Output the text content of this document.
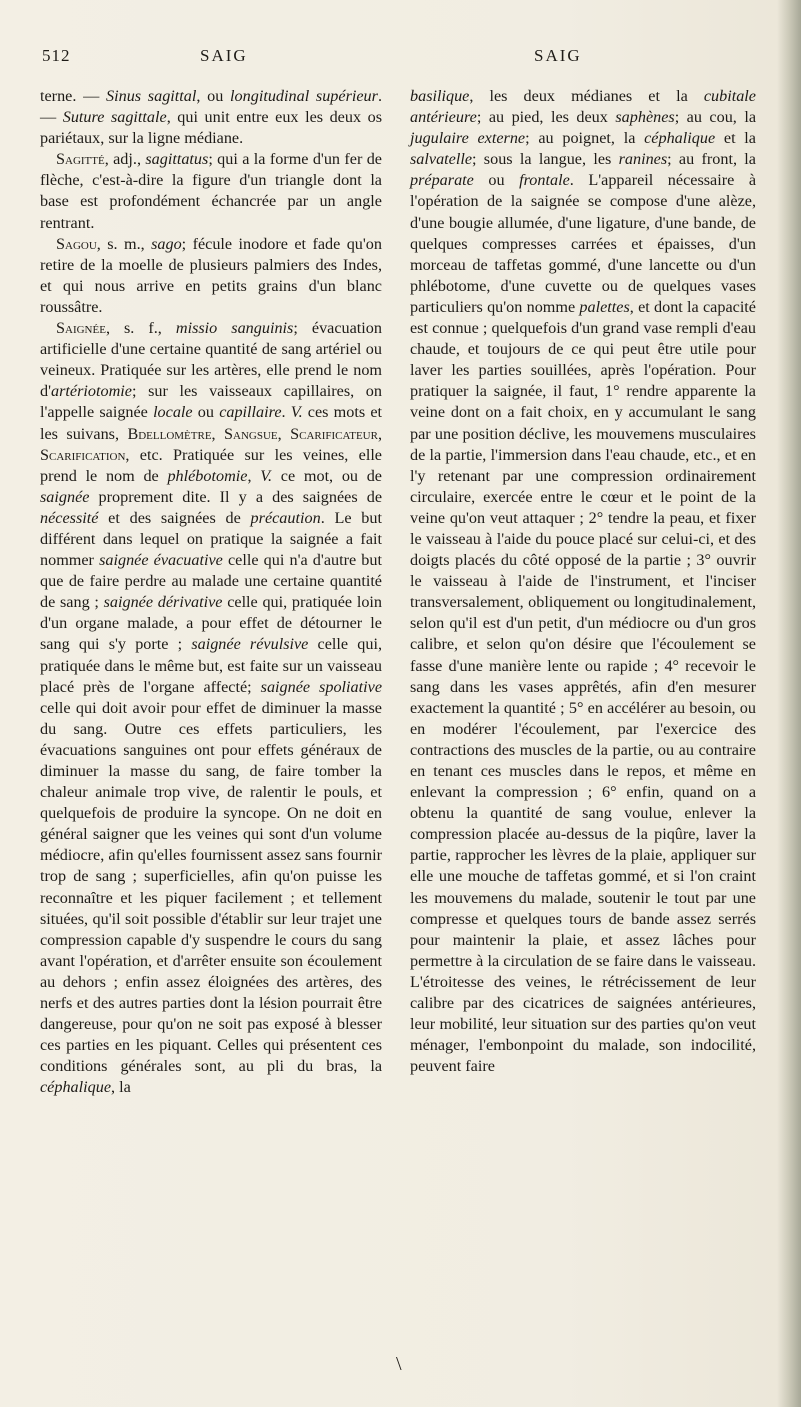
512	SAIG	SAIG

terne. — Sinus sagittal, ou longitudinal supérieur. — Suture sagittale, qui unit entre eux les deux os pariétaux, sur la ligne médiane.

Sagitté, adj., sagittatus; qui a la forme d'un fer de flèche, c'est-à-dire la figure d'un triangle dont la base est profondément échancrée par un angle rentrant.

Sagou, s. m., sago; fécule inodore et fade qu'on retire de la moelle de plusieurs palmiers des Indes, et qui nous arrive en petits grains d'un blanc roussâtre.

Saignée, s. f., missio sanguinis; évacuation artificielle d'une certaine quantité de sang artériel ou veineux. Pratiquée sur les artères, elle prend le nom d'artériotomie; sur les vaisseaux capillaires, on l'appelle saignée locale ou capillaire. V. ces mots et les suivans, Bdellomètre, Sangsue, Scarificateur, Scarification, etc. Pratiquée sur les veines, elle prend le nom de phlébotomie, V. ce mot, ou de saignée proprement dite. Il y a des saignées de nécessité et des saignées de précaution. Le but différent dans lequel on pratique la saignée a fait nommer saignée évacuative celle qui n'a d'autre but que de faire perdre au malade une certaine quantité de sang ; saignée dérivative celle qui, pratiquée loin d'un organe malade, a pour effet de détourner le sang qui s'y porte ; saignée révulsive celle qui, pratiquée dans le même but, est faite sur un vaisseau placé près de l'organe affecté; saignée spoliative celle qui doit avoir pour effet de diminuer la masse du sang. Outre ces effets particuliers, les évacuations sanguines ont pour effets généraux de diminuer la masse du sang, de faire tomber la chaleur animale trop vive, de ralentir le pouls, et quelquefois de produire la syncope. On ne doit en général saigner que les veines qui sont d'un volume médiocre, afin qu'elles fournissent assez sans fournir trop de sang ; superficielles, afin qu'on puisse les reconnaître et les piquer facilement ; et tellement situées, qu'il soit possible d'établir sur leur trajet une compression capable d'y suspendre le cours du sang avant l'opération, et d'arrêter ensuite son écoulement au dehors ; enfin assez éloignées des artères, des nerfs et des autres parties dont la lésion pourrait être dangereuse, pour qu'on ne soit pas exposé à blesser ces parties en les piquant. Celles qui présentent ces conditions générales sont, au pli du bras, la céphalique, la

basilique, les deux médianes et la cubitale antérieure; au pied, les deux saphènes; au cou, la jugulaire externe; au poignet, la céphalique et la salvatelle; sous la langue, les ranines; au front, la préparate ou frontale. L'appareil nécessaire à l'opération de la saignée se compose d'une alèze, d'une bougie allumée, d'une ligature, d'une bande, de quelques compresses carrées et épaisses, d'un morceau de taffetas gommé, d'une lancette ou d'un phlébotome, d'une cuvette ou de quelques vases particuliers qu'on nomme palettes, et dont la capacité est connue ; quelquefois d'un grand vase rempli d'eau chaude, et toujours de ce qui peut être utile pour laver les parties souillées, après l'opération. Pour pratiquer la saignée, il faut, 1° rendre apparente la veine dont on a fait choix, en y accumulant le sang par une position déclive, les mouvemens musculaires de la partie, l'immersion dans l'eau chaude, etc., et en l'y retenant par une compression ordinairement circulaire, exercée entre le cœur et le point de la veine qu'on veut attaquer ; 2° tendre la peau, et fixer le vaisseau à l'aide du pouce placé sur celui-ci, et des doigts placés du côté opposé de la partie ; 3° ouvrir le vaisseau à l'aide de l'instrument, et l'inciser transversalement, obliquement ou longitudinalement, selon qu'il est d'un petit, d'un médiocre ou d'un gros calibre, et selon qu'on désire que l'écoulement se fasse d'une manière lente ou rapide ; 4° recevoir le sang dans les vases apprêtés, afin d'en mesurer exactement la quantité ; 5° en accélérer au besoin, ou en modérer l'écoulement, par l'exercice des contractions des muscles de la partie, ou au contraire en tenant ces muscles dans le repos, et même en enlevant la compression ; 6° enfin, quand on a obtenu la quantité de sang voulue, enlever la compression placée au-dessus de la piqûre, laver la partie, rapprocher les lèvres de la plaie, appliquer sur elle une mouche de taffetas gommé, et si l'on craint les mouvemens du malade, soutenir le tout par une compresse et quelques tours de bande assez serrés pour maintenir la plaie, et assez lâches pour permettre à la circulation de se faire dans le vaisseau. L'étroitesse des veines, le rétrécissement de leur calibre par des cicatrices de saignées antérieures, leur mobilité, leur situation sur des parties qu'on veut ménager, l'embonpoint du malade, son indocilité, peuvent faire

\
